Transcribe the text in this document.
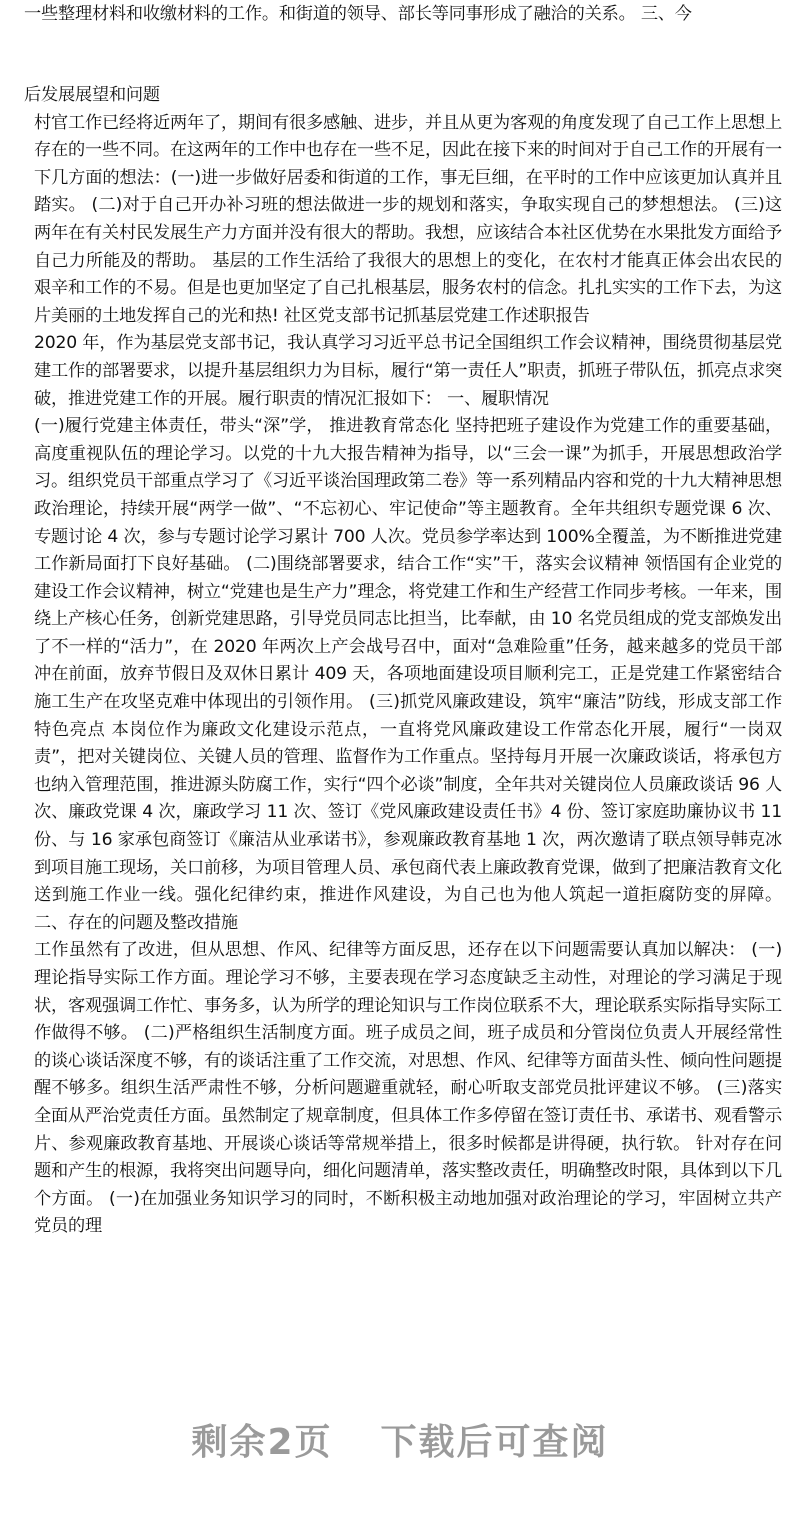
一些整理材料和收缴材料的工作。和街道的领导、部长等同事形成了融洽的关系。 三、今

后发展展望和问题

村官工作已经将近两年了，期间有很多感触、进步，并且从更为客观的角度发现了自己工作上思想上存在的一些不同。在这两年的工作中也存在一些不足，因此在接下来的时间对于自己工作的开展有一下几方面的想法：(一)进一步做好居委和街道的工作，事无巨细，在平时的工作中应该更加认真并且踏实。 (二)对于自己开办补习班的想法做进一步的规划和落实，争取实现自己的梦想想法。 (三)这两年在有关村民发展生产力方面并没有很大的帮助。我想，应该结合本社区优势在水果批发方面给予自己力所能及的帮助。 基层的工作生活给了我很大的思想上的变化，在农村才能真正体会出农民的艰辛和工作的不易。但是也更加坚定了自己扎根基层，服务农村的信念。扎扎实实的工作下去，为这片美丽的土地发挥自己的光和热! 社区党支部书记抓基层党建工作述职报告

2020 年，作为基层党支部书记，我认真学习习近平总书记全国组织工作会议精神，围绕贯彻基层党建工作的部署要求，以提升基层组织力为目标，履行“第一责任人”职责，抓班子带队伍，抓亮点求突破，推进党建工作的开展。履行职责的情况汇报如下： 一、履职情况

(一)履行党建主体责任，带头“深”学， 推进教育常态化 坚持把班子建设作为党建工作的重要基础，高度重视队伍的理论学习。以党的十九大报告精神为指导，以“三会一课”为抓手，开展思想政治学习。组织党员干部重点学习了《习近平谈治国理政第二卷》等一系列精品内容和党的十九大精神思想政治理论，持续开展“两学一做”、“不忘初心、牢记使命”等主题教育。全年共组织专题党课 6 次、专题讨论 4 次，参与专题讨论学习累计 700 人次。党员参学率达到 100%全覆盖，为不断推进党建工作新局面打下良好基础。 (二)围绕部署要求，结合工作“实”干，落实会议精神 领悟国有企业党的建设工作会议精神，树立“党建也是生产力”理念，将党建工作和生产经营工作同步考核。一年来，围绕上产核心任务，创新党建思路，引导党员同志比担当，比奉献，由 10 名党员组成的党支部焕发出了不一样的“活力”，在 2020 年两次上产会战号召中，面对“急难险重”任务，越来越多的党员干部冲在前面，放弃节假日及双休日累计 409 天，各项地面建设项目顺利完工，正是党建工作紧密结合施工生产在攻坚克难中体现出的引领作用。 (三)抓党风廉政建设，筑牢“廉洁”防线，形成支部工作特色亮点 本岗位作为廉政文化建设示范点，一直将党风廉政建设工作常态化开展，履行“一岗双责”，把对关键岗位、关键人员的管理、监督作为工作重点。坚持每月开展一次廉政谈话，将承包方也纳入管理范围，推进源头防腐工作，实行“四个必谈”制度，全年共对关键岗位人员廉政谈话 96 人次、廉政党课 4 次，廉政学习 11 次、签订《党风廉政建设责任书》4 份、签订家庭助廉协议书 11 份、与 16 家承包商签订《廉洁从业承诺书》，参观廉政教育基地 1 次，两次邀请了联点领导韩克冰到项目施工现场，关口前移，为项目管理人员、承包商代表上廉政教育党课，做到了把廉洁教育文化送到施工作业一线。强化纪律约束，推进作风建设，为自己也为他人筑起一道拒腐防变的屏障。 二、存在的问题及整改措施

工作虽然有了改进，但从思想、作风、纪律等方面反思，还存在以下问题需要认真加以解决： (一)理论指导实际工作方面。理论学习不够，主要表现在学习态度缺乏主动性，对理论的学习满足于现状，客观强调工作忙、事务多，认为所学的理论知识与工作岗位联系不大，理论联系实际指导实际工作做得不够。 (二)严格组织生活制度方面。班子成员之间，班子成员和分管岗位负责人开展经常性的谈心谈话深度不够，有的谈话注重了工作交流，对思想、作风、纪律等方面苗头性、倾向性问题提醒不够多。组织生活严肃性不够，分析问题避重就轻，耐心听取支部党员批评建议不够。 (三)落实全面从严治党责任方面。虽然制定了规章制度，但具体工作多停留在签订责任书、承诺书、观看警示片、参观廉政教育基地、开展谈心谈话等常规举措上，很多时候都是讲得硬，执行软。 针对存在问题和产生的根源，我将突出问题导向，细化问题清单，落实整改责任，明确整改时限，具体到以下几个方面。 (一)在加强业务知识学习的同时，不断积极主动地加强对政治理论的学习，牢固树立共产党员的理

剩余2页 下载后可查阅
